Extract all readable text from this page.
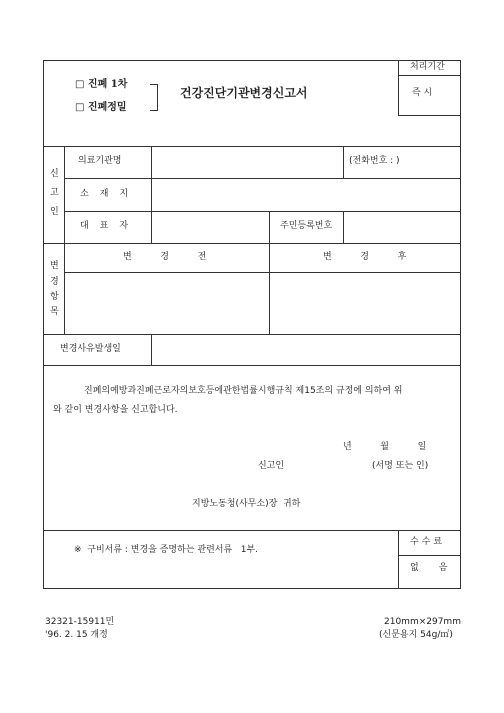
□ 진폐 1차
□ 진폐정밀
건강진단기관변경신고서
처리기간
즉 시
신
고
인
의료기관명	(전화번호 : )
소재지
대표자	주민등록번호
변
경
항
목
변          경          전	변          경          후
변경사유발생일
진폐의예방과진폐근로자의보호등에관한법률시행규칙 제15조의 규정에 의하여 위
와 같이 변경사항을 신고합니다.
년          월          일
신고인	(서명 또는 인)
지방노동청(사무소)장  귀하
※  구비서류 : 변경을 증명하는 관련서류   1부.
수수료
없       음
32321-15911민
'96. 2. 15 개정
210mm×297mm
(신문용지 54g/㎡)
